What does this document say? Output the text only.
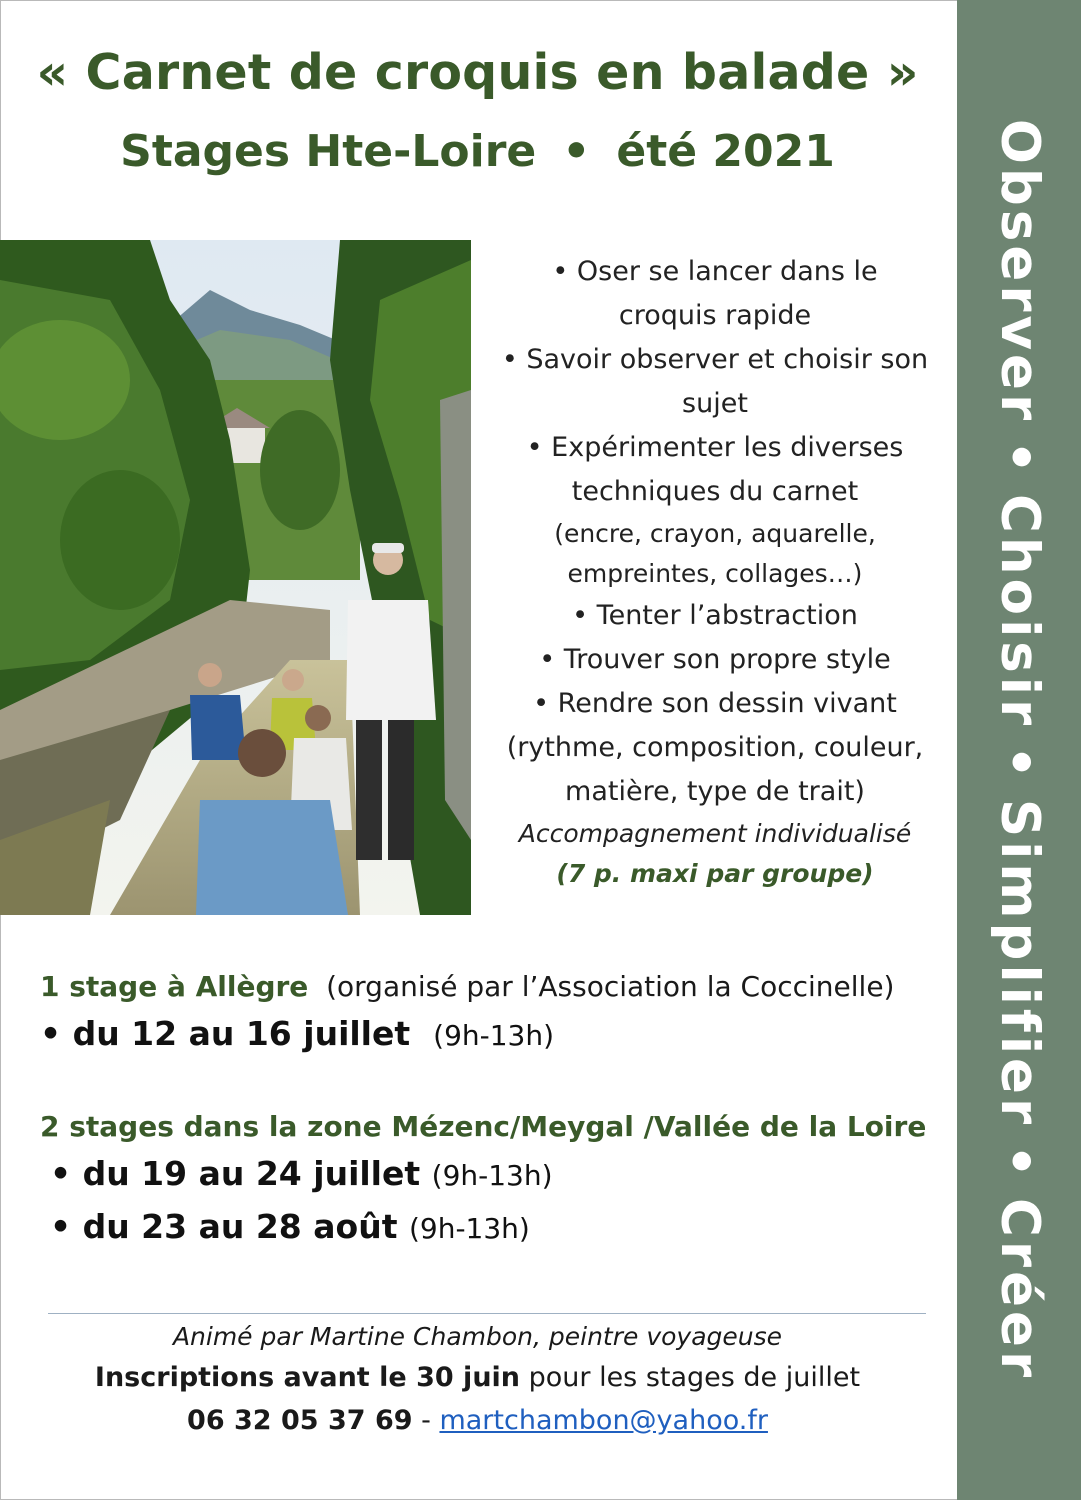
« Carnet de croquis en balade »
Stages Hte-Loire • été 2021	Observer•Choisir•Simplifier•Créer
• Oser se lancer dans le croquis rapide
• Savoir observer et choisir son sujet
• Expérimenter les diverses techniques du carnet
(encre, crayon, aquarelle, empreintes, collages…)
• Tenter l’abstraction
• Trouver son propre style
• Rendre son dessin vivant
(rythme, composition, couleur, matière, type de trait)
Accompagnement individualisé
(7 p. maxi par groupe)
1 stage à Allègre (organisé par l’Association la Coccinelle)
• du 12 au 16 juillet (9h-13h)
2 stages dans la zone Mézenc/Meygal /Vallée de la Loire
• du 19 au 24 juillet (9h-13h)
• du 23 au 28 août (9h-13h)
Animé par Martine Chambon, peintre voyageuse
Inscriptions avant le 30 juin pour les stages de juillet
06 32 05 37 69 - martchambon@yahoo.fr
